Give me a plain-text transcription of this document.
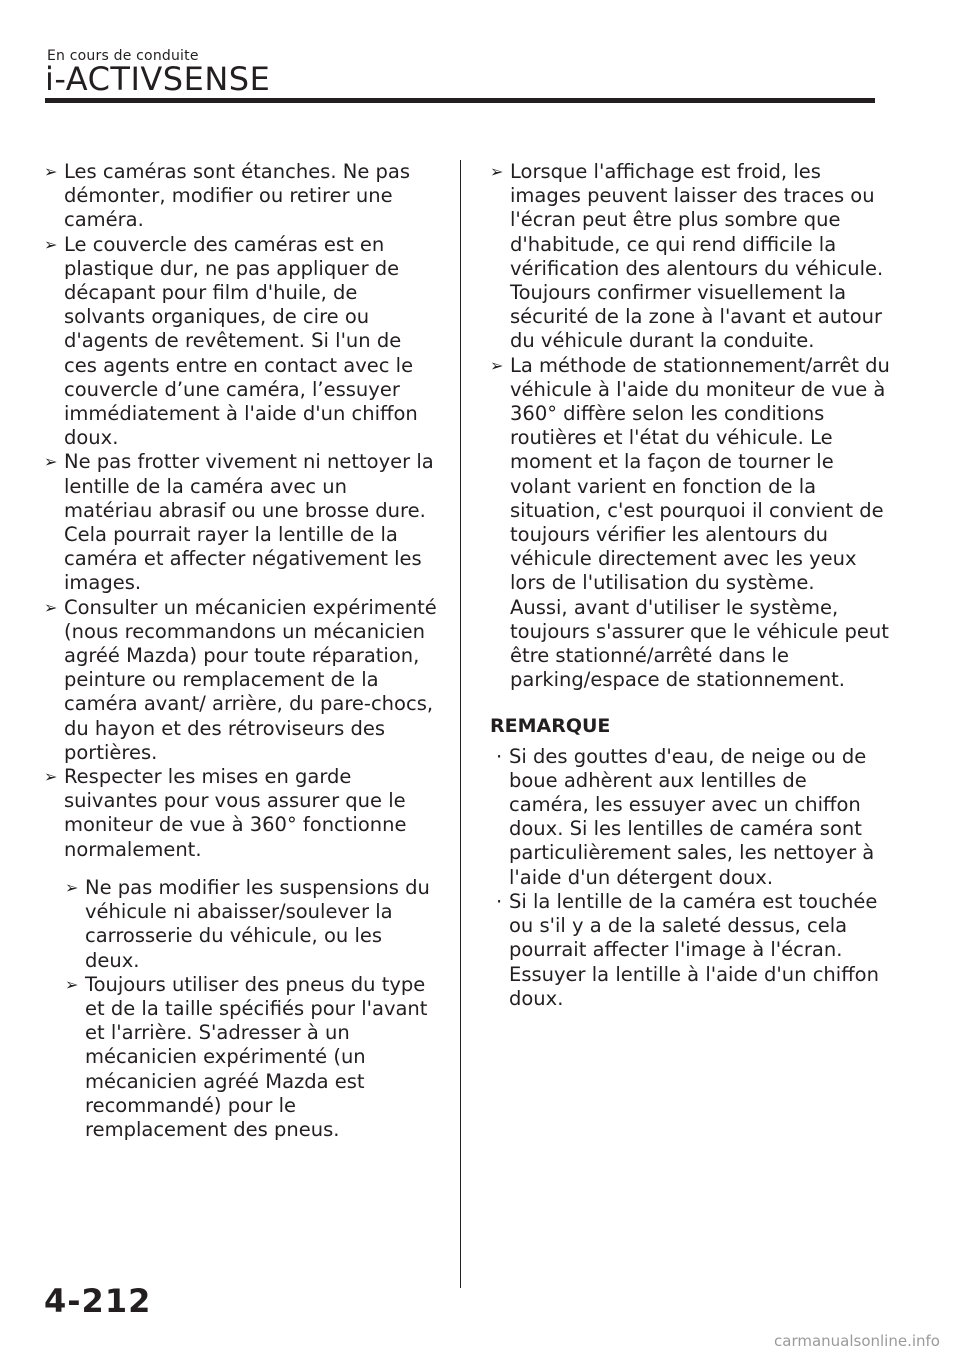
En cours de conduite
i-ACTIVSENSE
➢ Les caméras sont étanches. Ne pas démonter, modifier ou retirer une caméra.
➢ Le couvercle des caméras est en plastique dur, ne pas appliquer de décapant pour film d'huile, de solvants organiques, de cire ou d'agents de revêtement. Si l'un de ces agents entre en contact avec le couvercle d’une caméra, l’essuyer immédiatement à l'aide d'un chiffon doux.
➢ Ne pas frotter vivement ni nettoyer la lentille de la caméra avec un matériau abrasif ou une brosse dure. Cela pourrait rayer la lentille de la caméra et affecter négativement les images.
➢ Consulter un mécanicien expérimenté (nous recommandons un mécanicien agréé Mazda) pour toute réparation, peinture ou remplacement de la caméra avant/ arrière, du pare-chocs, du hayon et des rétroviseurs des portières.
➢ Respecter les mises en garde suivantes pour vous assurer que le moniteur de vue à 360° fonctionne normalement.
➢ Ne pas modifier les suspensions du véhicule ni abaisser/soulever la carrosserie du véhicule, ou les deux.
➢ Toujours utiliser des pneus du type et de la taille spécifiés pour l'avant et l'arrière. S'adresser à un mécanicien expérimenté (un mécanicien agréé Mazda est recommandé) pour le remplacement des pneus.
➢ Lorsque l'affichage est froid, les images peuvent laisser des traces ou l'écran peut être plus sombre que d'habitude, ce qui rend difficile la vérification des alentours du véhicule. Toujours confirmer visuellement la sécurité de la zone à l'avant et autour du véhicule durant la conduite.
➢ La méthode de stationnement/arrêt du véhicule à l'aide du moniteur de vue à 360° diffère selon les conditions routières et l'état du véhicule. Le moment et la façon de tourner le volant varient en fonction de la situation, c'est pourquoi il convient de toujours vérifier les alentours du véhicule directement avec les yeux lors de l'utilisation du système.
Aussi, avant d'utiliser le système, toujours s'assurer que le véhicule peut être stationné/arrêté dans le parking/espace de stationnement.
REMARQUE
· Si des gouttes d'eau, de neige ou de boue adhèrent aux lentilles de caméra, les essuyer avec un chiffon doux. Si les lentilles de caméra sont particulièrement sales, les nettoyer à l'aide d'un détergent doux.
· Si la lentille de la caméra est touchée ou s'il y a de la saleté dessus, cela pourrait affecter l'image à l'écran. Essuyer la lentille à l'aide d'un chiffon doux.
4-212
carmanualsonline.info
